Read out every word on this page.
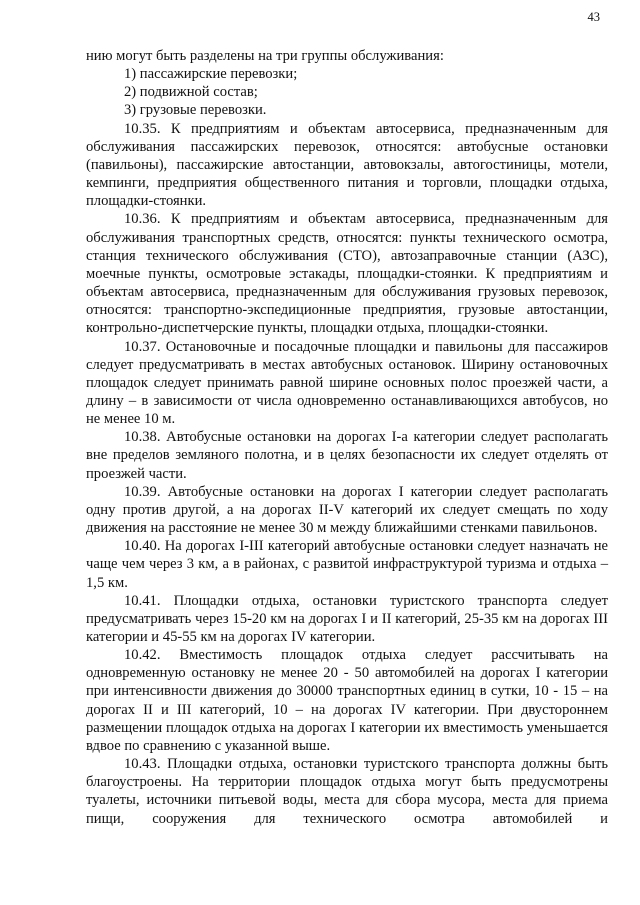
43

нию могут быть разделены на три группы обслуживания:

1) пассажирские перевозки;

2) подвижной состав;

3) грузовые перевозки.

10.35. К предприятиям и объектам автосервиса, предназначенным для обслуживания пассажирских перевозок, относятся: автобусные остановки (павильоны), пассажирские автостанции, автовокзалы, автогостиницы, мотели, кемпинги, предприятия общественного питания и торговли, площадки отдыха, площадки-стоянки.

10.36. К предприятиям и объектам автосервиса, предназначенным для обслуживания транспортных средств, относятся: пункты технического осмотра, станция технического обслуживания (СТО), автозаправочные станции (АЗС), моечные пункты, осмотровые эстакады, площадки-стоянки. К предприятиям и объектам автосервиса, предназначенным для обслуживания грузовых перевозок, относятся: транспортно-экспедиционные предприятия, грузовые автостанции, контрольно-диспетчерские пункты, площадки отдыха, площадки-стоянки.

10.37. Остановочные и посадочные площадки и павильоны для пассажиров следует предусматривать в местах автобусных остановок. Ширину остановочных площадок следует принимать равной ширине основных полос проезжей части, а длину – в зависимости от числа одновременно останавливающихся автобусов, но не менее 10 м.

10.38. Автобусные остановки на дорогах I-а категории следует располагать вне пределов земляного полотна, и в целях безопасности их следует отделять от проезжей части.

10.39. Автобусные остановки на дорогах I категории следует располагать одну против другой, а на дорогах II-V категорий их следует смещать по ходу движения на расстояние не менее 30 м между ближайшими стенками павильонов.

10.40. На дорогах I-III категорий автобусные остановки следует назначать не чаще чем через 3 км, а в районах, с развитой инфраструктурой туризма и отдыха – 1,5 км.

10.41. Площадки отдыха, остановки туристского транспорта следует предусматривать через 15-20 км на дорогах I и II категорий, 25-35 км на дорогах III категории и 45-55 км на дорогах IV категории.

10.42. Вместимость площадок отдыха следует рассчитывать на одновременную остановку не менее 20 - 50 автомобилей на дорогах I категории при интенсивности движения до 30000 транспортных единиц в сутки, 10 - 15 – на дорогах II и III категорий, 10 – на дорогах IV категории. При двустороннем размещении площадок отдыха на дорогах I категории их вместимость уменьшается вдвое по сравнению с указанной выше.

10.43. Площадки отдыха, остановки туристского транспорта должны быть благоустроены. На территории площадок отдыха могут быть предусмотрены туалеты, источники питьевой воды, места для сбора мусора, места для приема пищи, сооружения для технического осмотра автомобилей и
